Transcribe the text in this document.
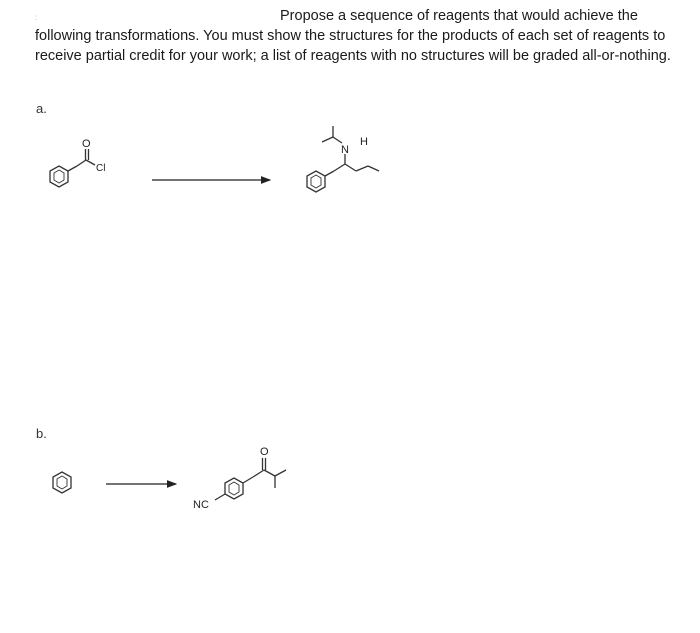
:	Propose a sequence of reagents that would achieve the following transformations. You must show the structures for the products of each set of reagents to receive partial credit for your work; a list of reagents with no structures will be graded all-or-nothing.
a.
b.
O
Cl
N
H
NC
O
